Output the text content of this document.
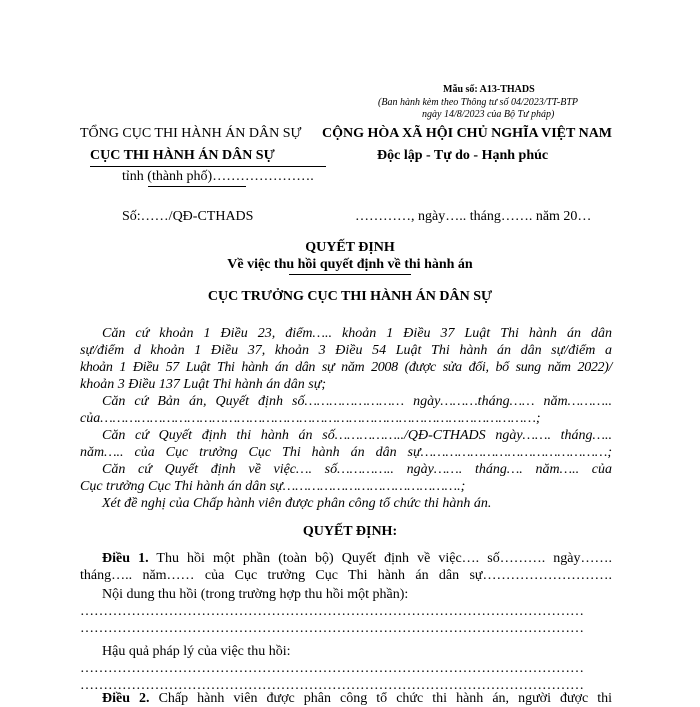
Mẫu số: A13-THADS
(Ban hành kèm theo Thông tư số 04/2023/TT-BTP
ngày 14/8/2023 của Bộ Tư pháp)
TỔNG CỤC THI HÀNH ÁN DÂN SỰ
CỤC THI HÀNH ÁN DÂN SỰ
tỉnh (thành phố)………………….
CỘNG HÒA XÃ HỘI CHỦ NGHĨA VIỆT NAM
Độc lập - Tự do - Hạnh phúc
Số:……/QĐ-CTHADS	…………, ngày….. tháng……. năm 20…
QUYẾT ĐỊNH
Về việc thu hồi quyết định về thi hành án
CỤC TRƯỞNG CỤC THI HÀNH ÁN DÂN SỰ
Căn cứ khoản 1 Điều 23, điểm….. khoản 1 Điều 37 Luật Thi hành án dân
sự/điểm d khoản 1 Điều 37, khoản 3 Điều 54 Luật Thi hành án dân sự/điểm a
khoản 1 Điều 57 Luật Thi hành án dân sự năm 2008 (được sửa đổi, bổ sung năm 2022)/
khoản 3 Điều 137 Luật Thi hành án dân sự;
Căn cứ Bản án, Quyết định số…………………… ngày………tháng…… năm………..
của……………………………………………………………………………………………;
Căn cứ Quyết định thi hành án số……………../QĐ-CTHADS ngày……. tháng…..
năm….. của Cục trưởng Cục Thi hành án dân sự………………………………………;
Căn cứ Quyết định về việc…. số………….. ngày……. tháng…. năm….. của
Cục trưởng Cục Thi hành án dân sự…………………………………….;
Xét đề nghị của Chấp hành viên được phân công tổ chức thi hành án.
QUYẾT ĐỊNH:
Điều 1. Thu hồi một phần (toàn bộ) Quyết định về việc…. số………. ngày…….
tháng….. năm…… của Cục trưởng Cục Thi hành án dân sự……………………….
Nội dung thu hồi (trong trường hợp thu hồi một phần):
………………………………………………………………………………………………
………………………………………………………………………………………………
Hậu quả pháp lý của việc thu hồi:
………………………………………………………………………………………………
………………………………………………………………………………………………
Điều 2. Chấp hành viên được phân công tổ chức thi hành án, người được thi
